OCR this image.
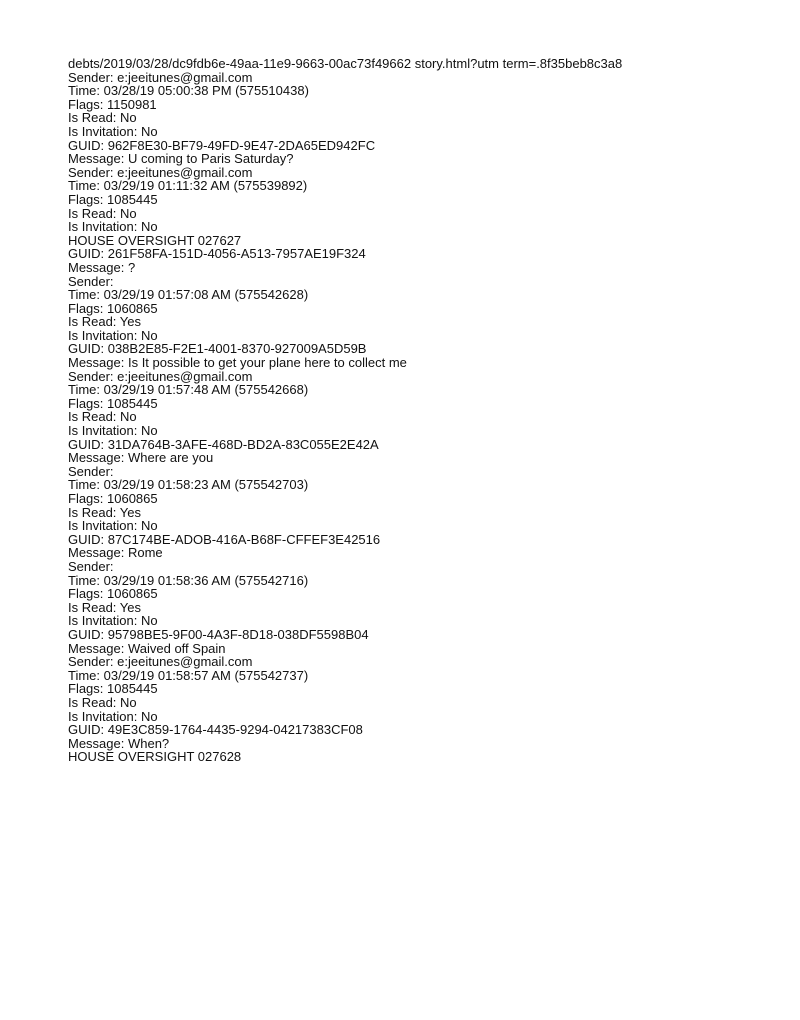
debts/2019/03/28/dc9fdb6e-49aa-11e9-9663-00ac73f49662 story.html?utm term=.8f35beb8c3a8
Sender: e:jeeitunes@gmail.com
Time: 03/28/19 05:00:38 PM (575510438)
Flags: 1150981
Is Read: No
Is Invitation: No
GUID: 962F8E30-BF79-49FD-9E47-2DA65ED942FC
Message: U coming to Paris Saturday?
Sender: e:jeeitunes@gmail.com
Time: 03/29/19 01:11:32 AM (575539892)
Flags: 1085445
Is Read: No
Is Invitation: No
HOUSE OVERSIGHT 027627
GUID: 261F58FA-151D-4056-A513-7957AE19F324
Message: ?
Sender:
Time: 03/29/19 01:57:08 AM (575542628)
Flags: 1060865
Is Read: Yes
Is Invitation: No
GUID: 038B2E85-F2E1-4001-8370-927009A5D59B
Message: Is It possible to get your plane here to collect me
Sender: e:jeeitunes@gmail.com
Time: 03/29/19 01:57:48 AM (575542668)
Flags: 1085445
Is Read: No
Is Invitation: No
GUID: 31DA764B-3AFE-468D-BD2A-83C055E2E42A
Message: Where are you
Sender:
Time: 03/29/19 01:58:23 AM (575542703)
Flags: 1060865
Is Read: Yes
Is Invitation: No
GUID: 87C174BE-ADOB-416A-B68F-CFFEF3E42516
Message: Rome
Sender:
Time: 03/29/19 01:58:36 AM (575542716)
Flags: 1060865
Is Read: Yes
Is Invitation: No
GUID: 95798BE5-9F00-4A3F-8D18-038DF5598B04
Message: Waived off Spain
Sender: e:jeeitunes@gmail.com
Time: 03/29/19 01:58:57 AM (575542737)
Flags: 1085445
Is Read: No
Is Invitation: No
GUID: 49E3C859-1764-4435-9294-04217383CF08
Message: When?
HOUSE OVERSIGHT 027628
